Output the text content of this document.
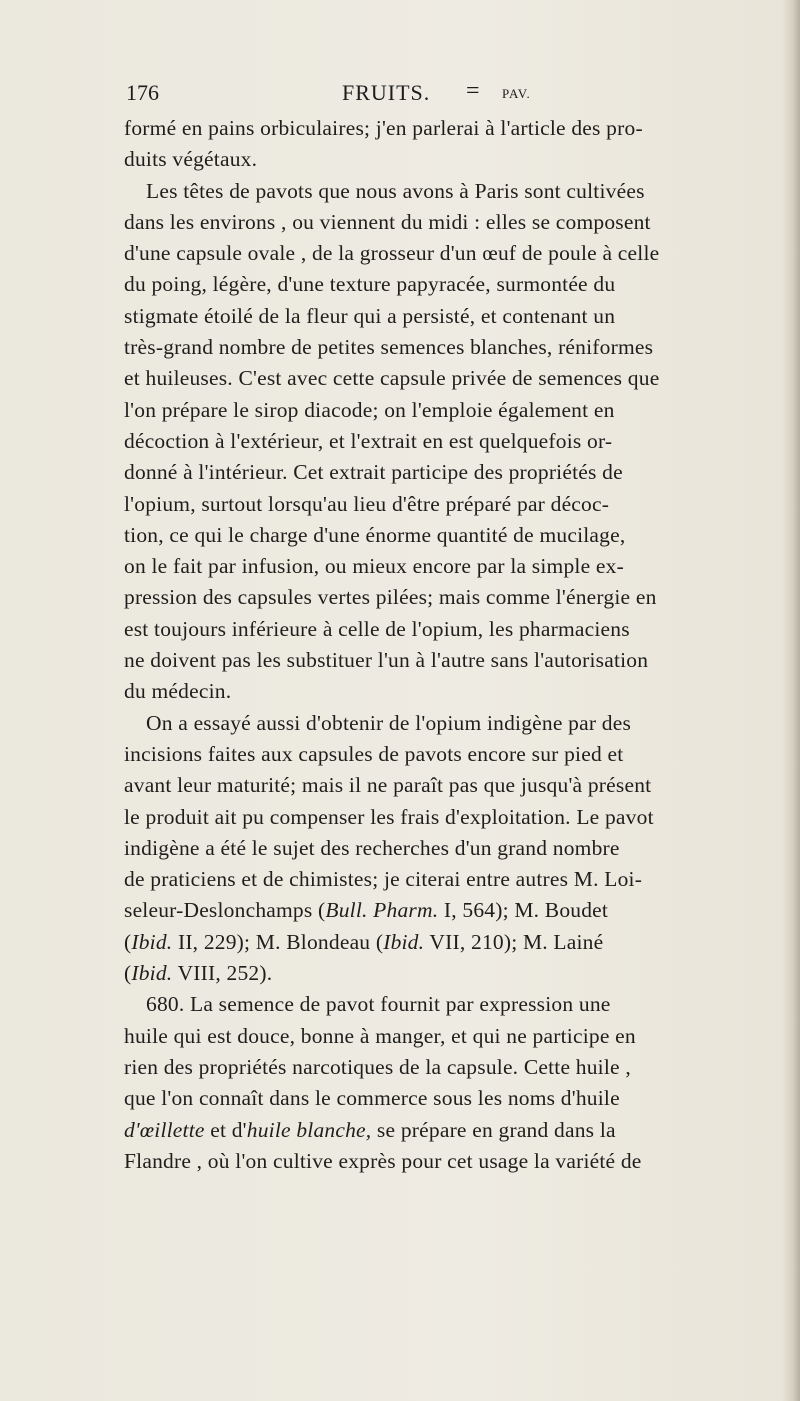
176	FRUITS. = PAV.
formé en pains orbiculaires; j'en parlerai à l'article des pro-
duits végétaux.
Les têtes de pavots que nous avons à Paris sont cultivées
dans les environs , ou viennent du midi : elles se composent
d'une capsule ovale , de la grosseur d'un œuf de poule à celle
du poing, légère, d'une texture papyracée, surmontée du
stigmate étoilé de la fleur qui a persisté, et contenant un
très-grand nombre de petites semences blanches, réniformes
et huileuses. C'est avec cette capsule privée de semences que
l'on prépare le sirop diacode; on l'emploie également en
décoction à l'extérieur, et l'extrait en est quelquefois or-
donné à l'intérieur. Cet extrait participe des propriétés de
l'opium, surtout lorsqu'au lieu d'être préparé par décoc-
tion, ce qui le charge d'une énorme quantité de mucilage,
on le fait par infusion, ou mieux encore par la simple ex-
pression des capsules vertes pilées; mais comme l'énergie en
est toujours inférieure à celle de l'opium, les pharmaciens
ne doivent pas les substituer l'un à l'autre sans l'autorisation
du médecin.
On a essayé aussi d'obtenir de l'opium indigène par des
incisions faites aux capsules de pavots encore sur pied et
avant leur maturité; mais il ne paraît pas que jusqu'à présent
le produit ait pu compenser les frais d'exploitation. Le pavot
indigène a été le sujet des recherches d'un grand nombre
de praticiens et de chimistes; je citerai entre autres M. Loi-
seleur-Deslonchamps (Bull. Pharm. I, 564); M. Boudet
(Ibid. II, 229); M. Blondeau (Ibid. VII, 210); M. Lainé
(Ibid. VIII, 252).
680. La semence de pavot fournit par expression une
huile qui est douce, bonne à manger, et qui ne participe en
rien des propriétés narcotiques de la capsule. Cette huile ,
que l'on connaît dans le commerce sous les noms d'huile
d'œillette et d'huile blanche, se prépare en grand dans la
Flandre , où l'on cultive exprès pour cet usage la variété de
